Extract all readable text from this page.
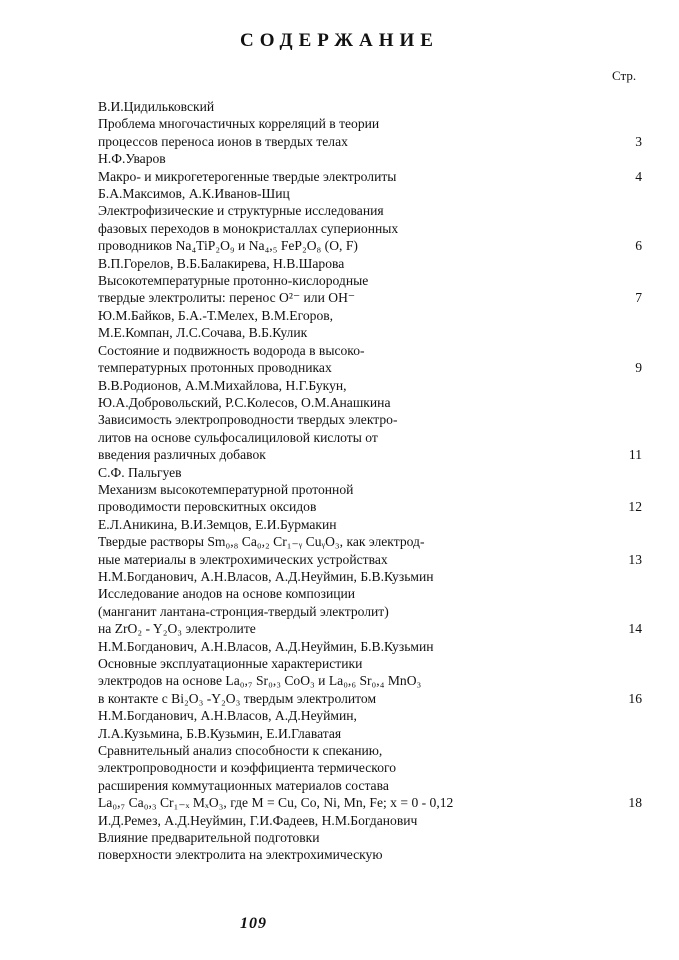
СОДЕРЖАНИЕ
Стр.
В.И.Цидильковский
Проблема многочастичных корреляций в теории
процессов переноса ионов в твердых телах	3
Н.Ф.Уваров
Макро- и микрогетерогенные твердые электролиты	4
Б.А.Максимов, А.К.Иванов-Шиц
Электрофизические и структурные исследования
фазовых переходов в монокристаллах суперионных
проводников Na₄TiP₂O₉ и Na₄,₅ FeP₂O₈ (O, F)	6
В.П.Горелов, В.Б.Балакирева, Н.В.Шарова
Высокотемпературные протонно-кислородные
твердые электролиты: перенос O²⁻ или OH⁻	7
Ю.М.Байков, Б.А.-Т.Мелех, В.М.Егоров,
М.Е.Компан, Л.С.Сочава, В.Б.Кулик
Состояние и подвижность водорода в высоко-
температурных протонных проводниках	9
В.В.Родионов, А.М.Михайлова, Н.Г.Букун,
Ю.А.Добровольский, Р.С.Колесов, О.М.Анашкина
Зависимость электропроводности твердых электро-
литов на основе сульфосалициловой кислоты от
введения различных добавок	11
С.Ф. Пальгуев
Механизм высокотемпературной протонной
проводимости перовскитных оксидов	12
Е.Л.Аникина, В.И.Земцов, Е.И.Бурмакин
Твердые растворы Sm₀,₈ Ca₀,₂ Cr₁₋ᵧ CuᵧO₃, как электрод-
ные материалы в электрохимических устройствах	13
Н.М.Богданович, А.Н.Власов, А.Д.Неуймин, Б.В.Кузьмин
Исследование анодов на основе композиции
(манганит лантана-стронция-твердый электролит)
на ZrO₂ - Y₂O₃ электролите	14
Н.М.Богданович, А.Н.Власов, А.Д.Неуймин, Б.В.Кузьмин
Основные эксплуатационные характеристики
электродов на основе La₀,₇ Sr₀,₃ CoO₃ и La₀,₆ Sr₀,₄ MnO₃
в контакте с Bi₂O₃ -Y₂O₃ твердым электролитом	16
Н.М.Богданович, А.Н.Власов, А.Д.Неуймин,
Л.А.Кузьмина, Б.В.Кузьмин, Е.И.Главатая
Сравнительный анализ способности к спеканию,
электропроводности и коэффициента термического
расширения коммутационных материалов состава
La₀,₇ Ca₀,₃ Cr₁₋ₓ MₓO₃, где M = Cu, Co, Ni, Mn, Fe; x = 0 - 0,12	18
И.Д.Ремез, А.Д.Неуймин, Г.И.Фадеев, Н.М.Богданович
Влияние предварительной подготовки
поверхности электролита на электрохимическую
109
